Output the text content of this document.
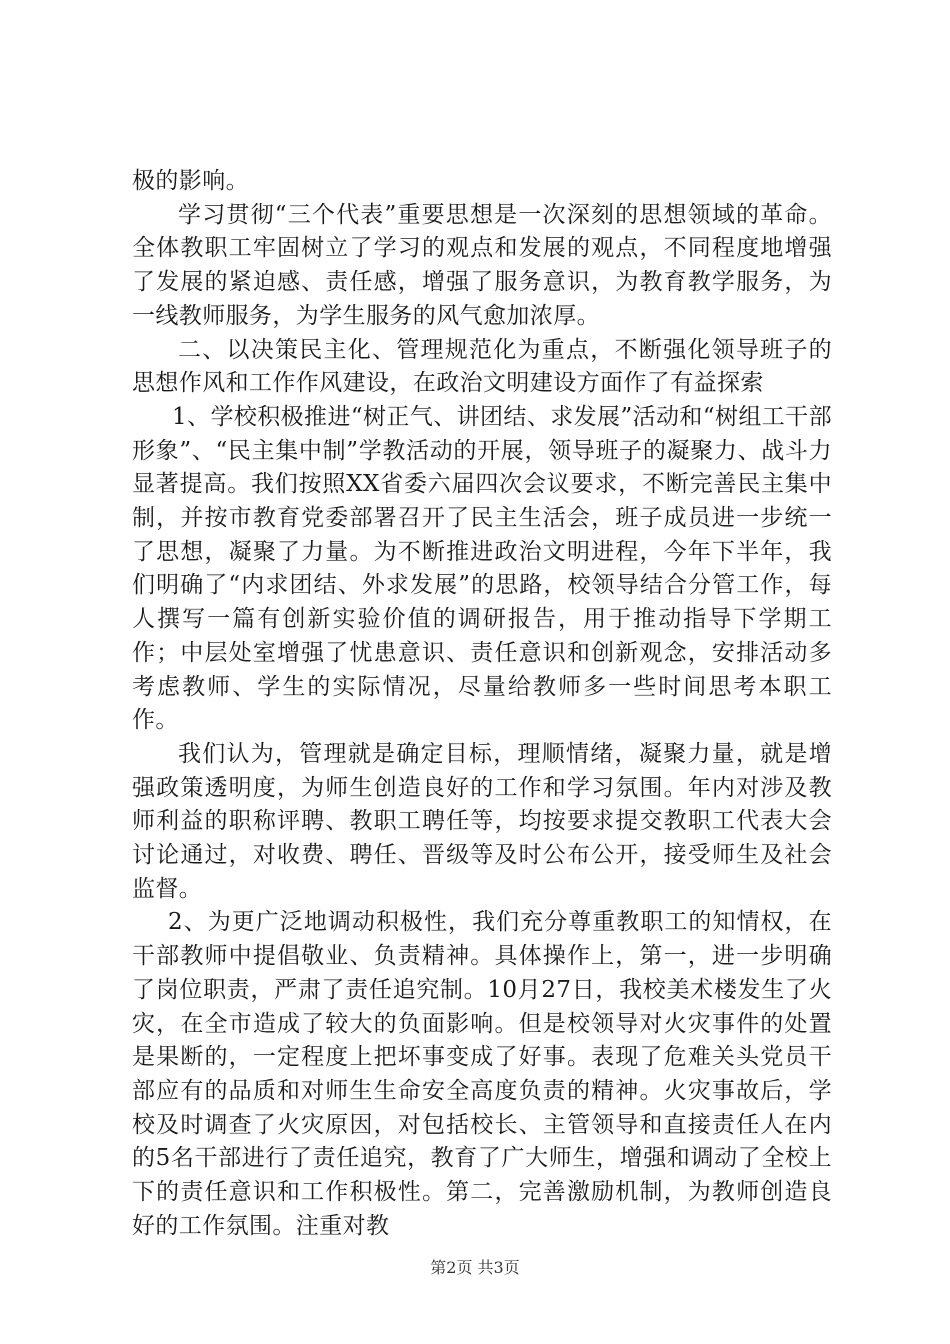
极的影响。

学习贯彻“三个代表”重要思想是一次深刻的思想领域的革命。全体教职工牢固树立了学习的观点和发展的观点，不同程度地增强了发展的紧迫感、责任感，增强了服务意识，为教育教学服务，为一线教师服务，为学生服务的风气愈加浓厚。

二、以决策民主化、管理规范化为重点，不断强化领导班子的思想作风和工作作风建设，在政治文明建设方面作了有益探索

1、学校积极推进“树正气、讲团结、求发展”活动和“树组工干部形象”、“民主集中制”学教活动的开展，领导班子的凝聚力、战斗力显著提高。我们按照XX省委六届四次会议要求，不断完善民主集中制，并按市教育党委部署召开了民主生活会，班子成员进一步统一了思想，凝聚了力量。为不断推进政治文明进程，今年下半年，我们明确了“内求团结、外求发展”的思路，校领导结合分管工作，每人撰写一篇有创新实验价值的调研报告，用于推动指导下学期工作；中层处室增强了忧患意识、责任意识和创新观念，安排活动多考虑教师、学生的实际情况，尽量给教师多一些时间思考本职工作。

我们认为，管理就是确定目标，理顺情绪，凝聚力量，就是增强政策透明度，为师生创造良好的工作和学习氛围。年内对涉及教师利益的职称评聘、教职工聘任等，均按要求提交教职工代表大会讨论通过，对收费、聘任、晋级等及时公布公开，接受师生及社会监督。

2、为更广泛地调动积极性，我们充分尊重教职工的知情权，在干部教师中提倡敬业、负责精神。具体操作上，第一，进一步明确了岗位职责，严肃了责任追究制。10月27日，我校美术楼发生了火灾，在全市造成了较大的负面影响。但是校领导对火灾事件的处置是果断的，一定程度上把坏事变成了好事。表现了危难关头党员干部应有的品质和对师生生命安全高度负责的精神。火灾事故后，学校及时调查了火灾原因，对包括校长、主管领导和直接责任人在内的5名干部进行了责任追究，教育了广大师生，增强和调动了全校上下的责任意识和工作积极性。第二，完善激励机制，为教师创造良好的工作氛围。注重对教

第2页 共3页
